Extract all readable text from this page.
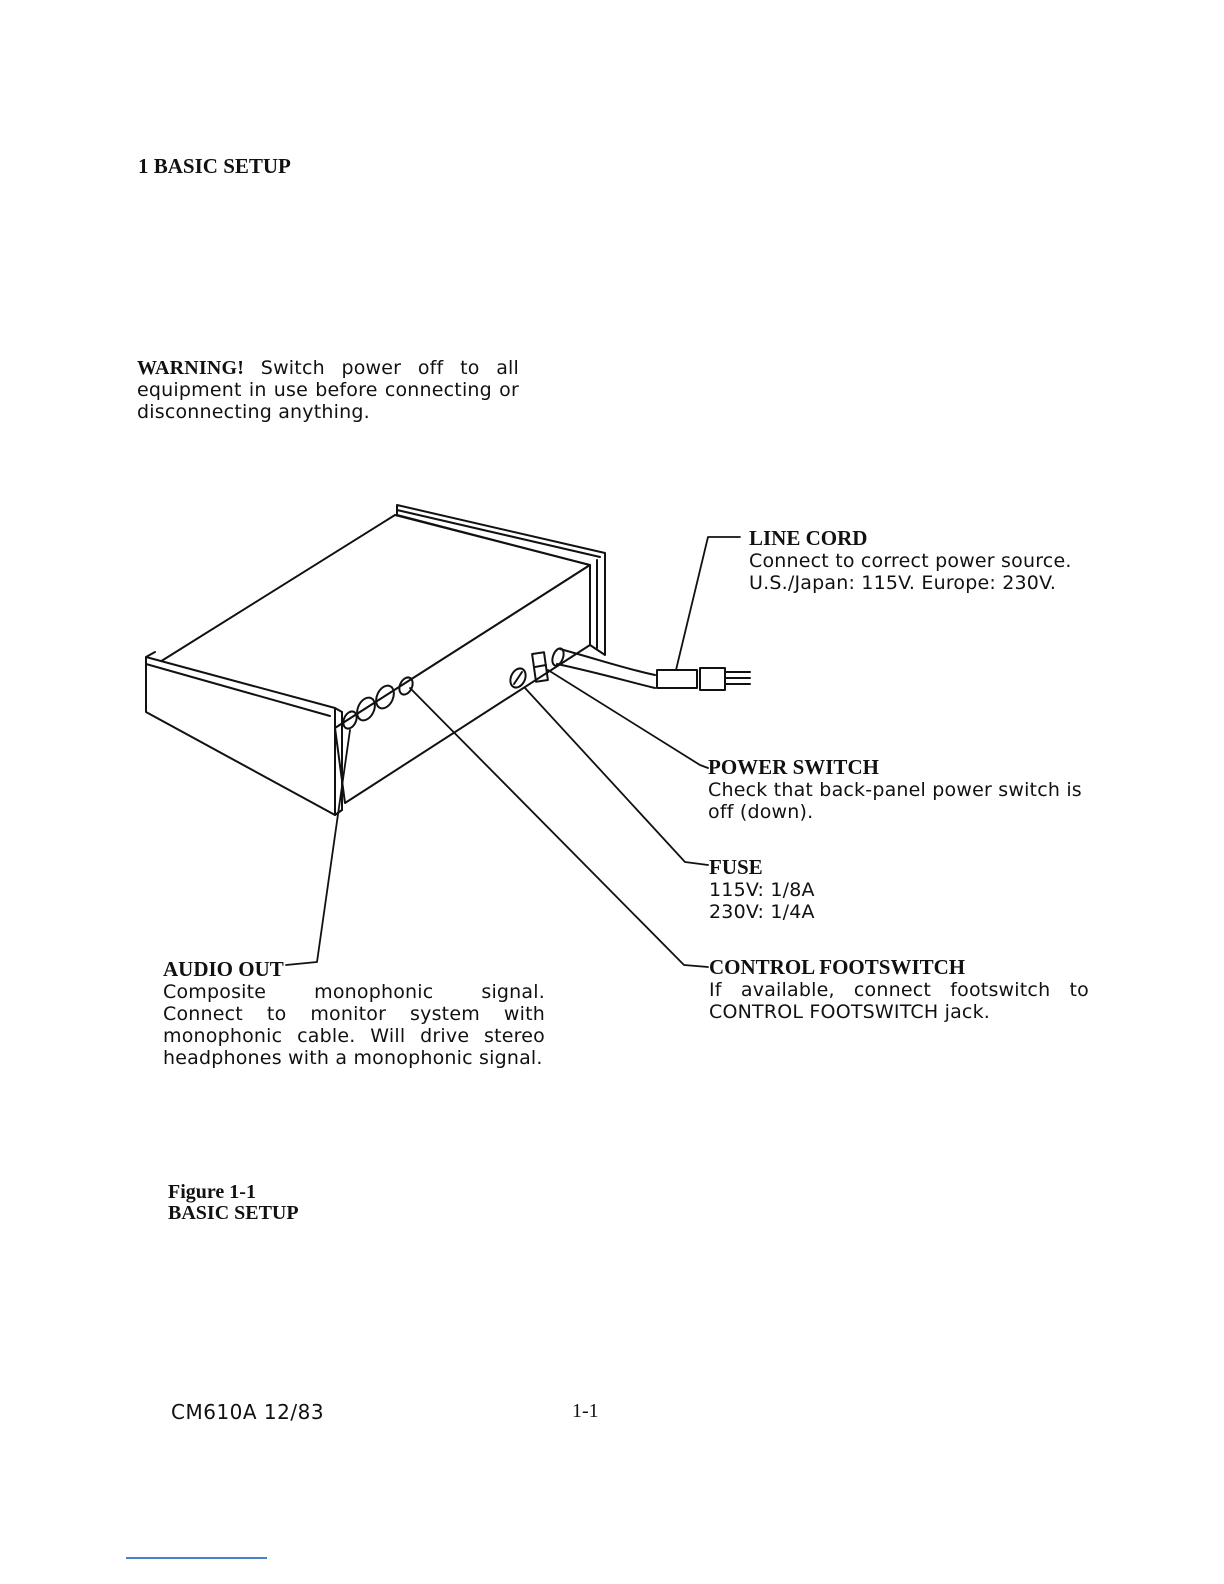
1 BASIC SETUP
WARNING! Switch power off to all equipment in use before connecting or disconnecting anything.
LINE CORD
Connect to correct power source.
U.S./Japan: 115V. Europe: 230V.
POWER SWITCH
Check that back-panel power switch is off (down).
FUSE
115V: 1/8A
230V: 1/4A
CONTROL FOOTSWITCH
If available, connect footswitch to CONTROL FOOTSWITCH jack.
AUDIO OUT
Composite monophonic signal. Connect to monitor system with monophonic cable. Will drive stereo headphones with a monophonic signal.
Figure 1-1
BASIC SETUP
CM610A 12/83	1-1
